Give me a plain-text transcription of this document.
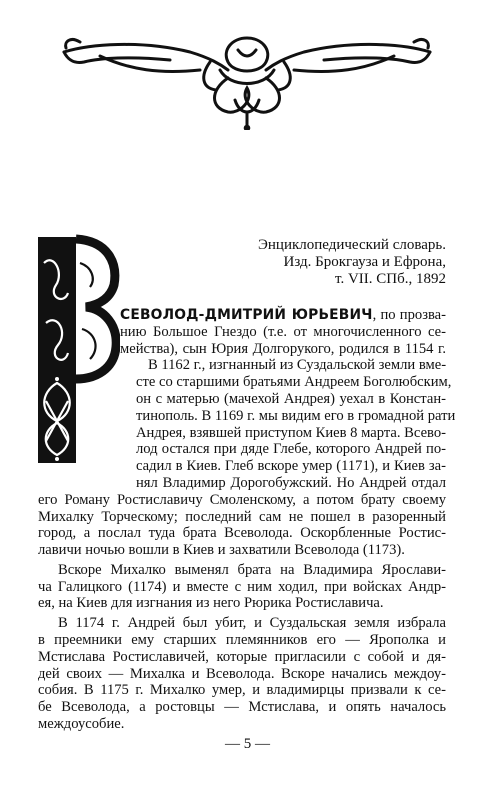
Энциклопедический словарь.
Изд. Брокгауза и Ефрона,
т. VII. СПб., 1892
СЕВОЛОД-ДМИТРИЙ ЮРЬЕВИЧ, по прозва-
нию Большое Гнездо (т.е. от многочисленного се-
мейства), сын Юрия Долгорукого, родился в 1154 г.
В 1162 г., изгнанный из Суздальской земли вме-
сте со старшими братьями Андреем Боголюбским,
он с матерью (мачехой Андрея) уехал в Констан-
тинополь. В 1169 г. мы видим его в громадной рати
Андрея, взявшей приступом Киев 8 марта. Всево-
лод остался при дяде Глебе, которого Андрей по-
садил в Киев. Глеб вскоре умер (1171), и Киев за-
нял Владимир Дорогобужский. Но Андрей отдал
его Роману Ростиславичу Смоленскому, а потом брату своему
Михалку Торческому; последний сам не пошел в разоренный
город, а послал туда брата Всеволода. Оскорбленные Ростис-
лавичи ночью вошли в Киев и захватили Всеволода (1173).
Вскоре Михалко выменял брата на Владимира Ярослави-
ча Галицкого (1174) и вместе с ним ходил, при войсках Андр-
ея, на Киев для изгнания из него Рюрика Ростиславича.
В 1174 г. Андрей был убит, и Суздальская земля избрала
в преемники ему старших племянников его — Ярополка и
Мстислава Ростиславичей, которые пригласили с собой и дя-
дей своих — Михалка и Всеволода. Вскоре начались междоу-
собия. В 1175 г. Михалко умер, и владимирцы призвали к се-
бе Всеволода, а ростовцы — Мстислава, и опять началось
междоусобие.
— 5 —
